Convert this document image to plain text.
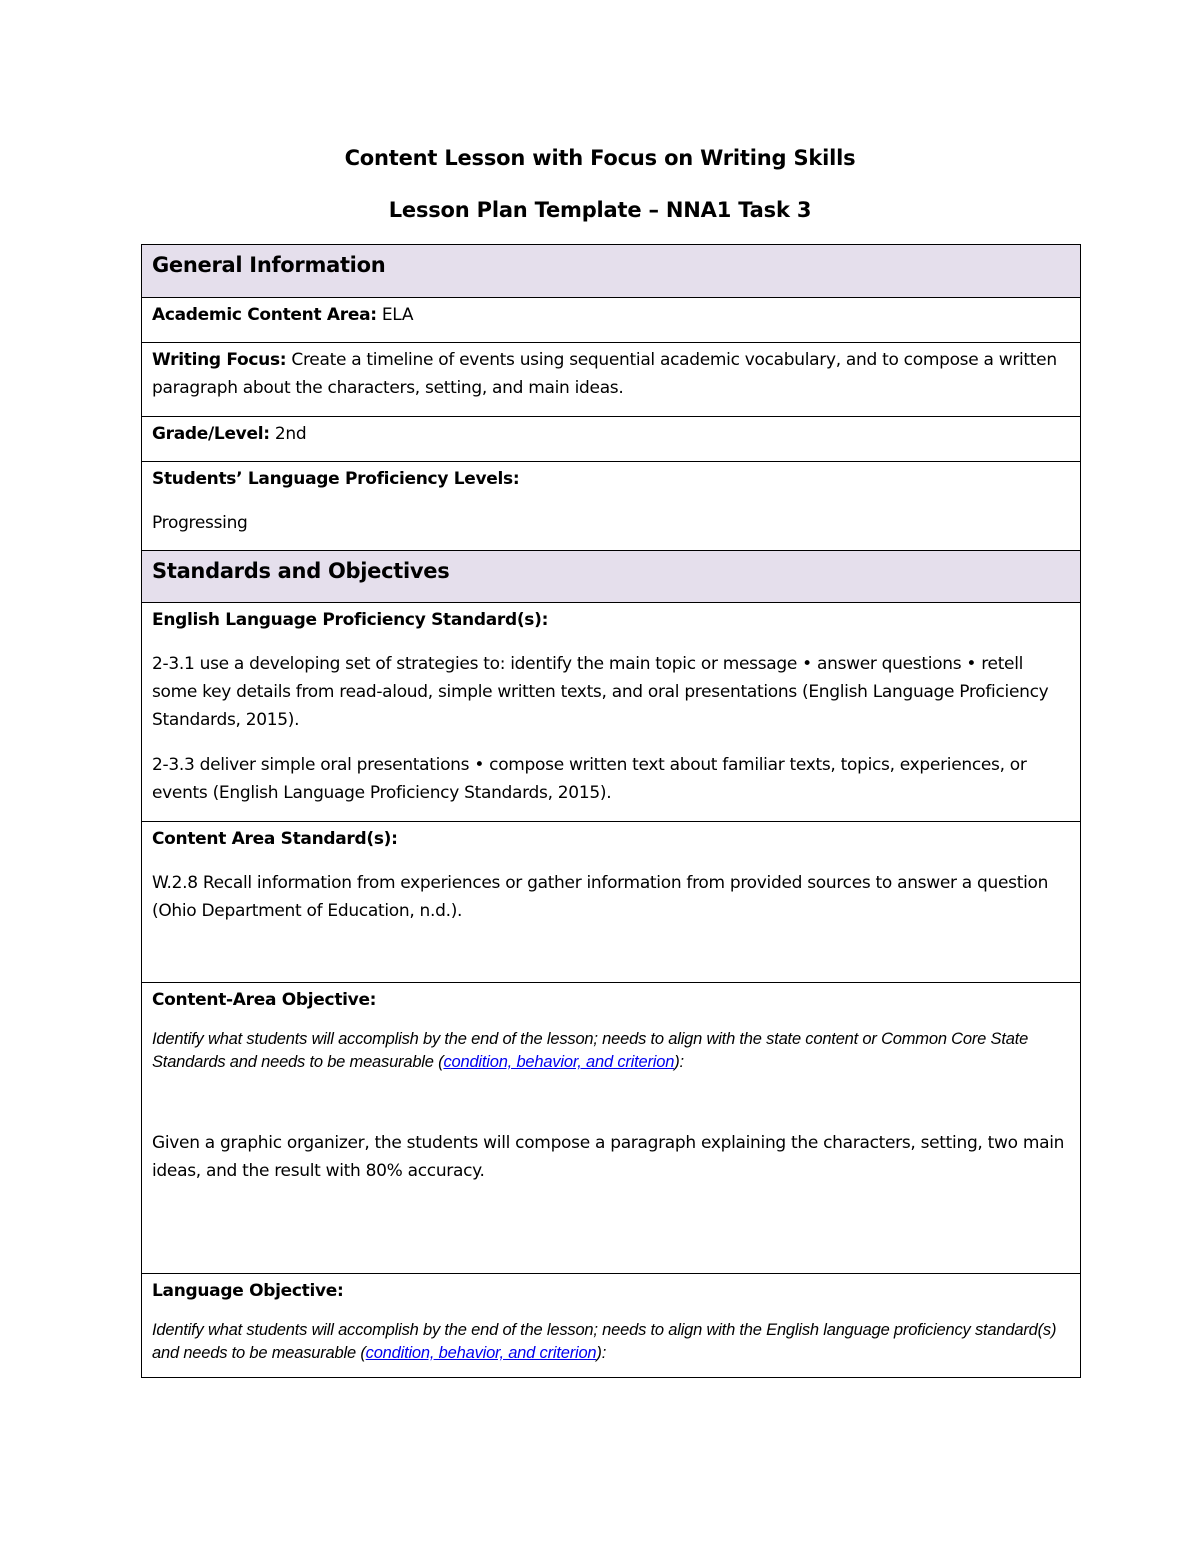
Content Lesson with Focus on Writing Skills
Lesson Plan Template – NNA1 Task 3
General Information
Academic Content Area: ELA
Writing Focus: Create a timeline of events using sequential academic vocabulary, and to compose a written paragraph about the characters, setting, and main ideas.
Grade/Level: 2nd

Students’ Language Proficiency Levels:

Progressing

Standards and Objectives

English Language Proficiency Standard(s):

2-3.1 use a developing set of strategies to: identify the main topic or message • answer questions • retell some key details from read-aloud, simple written texts, and oral presentations (English Language Proficiency Standards, 2015).

2-3.3 deliver simple oral presentations • compose written text about familiar texts, topics, experiences, or events (English Language Proficiency Standards, 2015).

Content Area Standard(s):

W.2.8 Recall information from experiences or gather information from provided sources to answer a question (Ohio Department of Education, n.d.).

Content-Area Objective:

Identify what students will accomplish by the end of the lesson; needs to align with the state content or Common Core State Standards and needs to be measurable (condition, behavior, and criterion):

Given a graphic organizer, the students will compose a paragraph explaining the characters, setting, two main ideas, and the result with 80% accuracy.

Language Objective:

Identify what students will accomplish by the end of the lesson; needs to align with the English language proficiency standard(s) and needs to be measurable (condition, behavior, and criterion):
